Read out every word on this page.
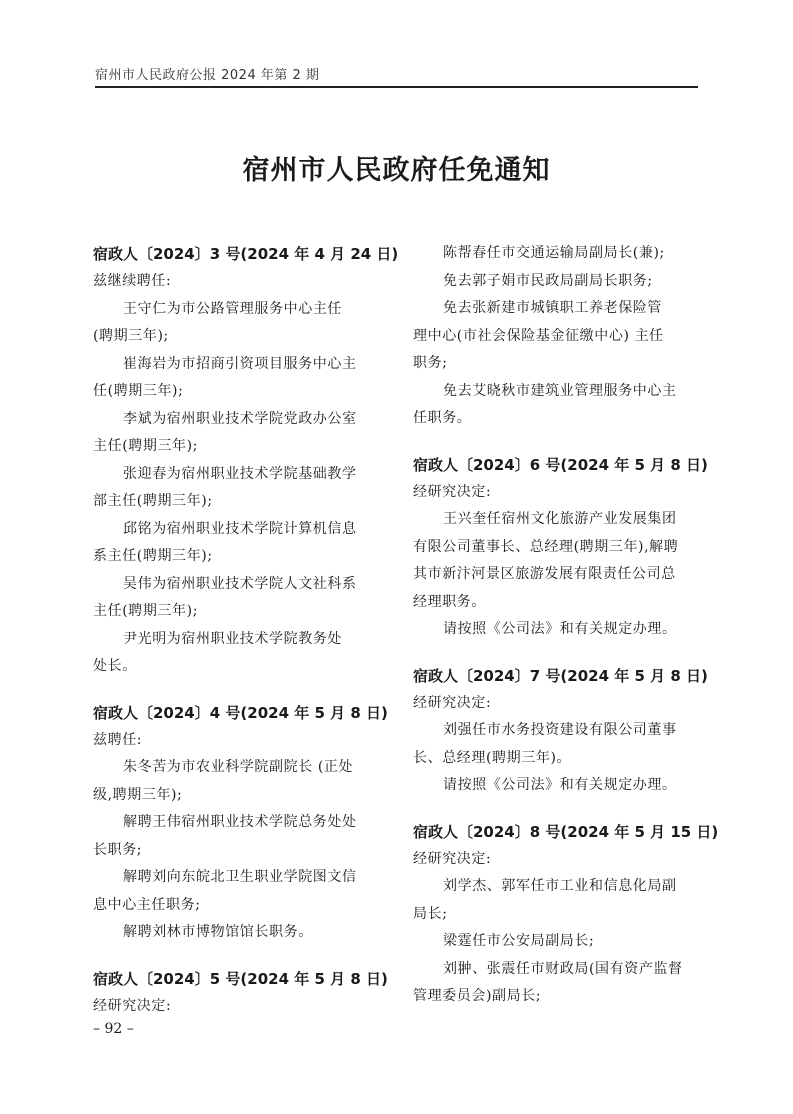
宿州市人民政府公报 2024 年第 2 期
宿州市人民政府任免通知
宿政人〔2024〕3 号(2024 年 4 月 24 日)
兹继续聘任:
王守仁为市公路管理服务中心主任
(聘期三年);
崔海岩为市招商引资项目服务中心主
任(聘期三年);
李斌为宿州职业技术学院党政办公室
主任(聘期三年);
张迎春为宿州职业技术学院基础教学
部主任(聘期三年);
邱铭为宿州职业技术学院计算机信息
系主任(聘期三年);
吴伟为宿州职业技术学院人文社科系
主任(聘期三年);
尹光明为宿州职业技术学院教务处
处长。
宿政人〔2024〕4 号(2024 年 5 月 8 日)
兹聘任:
朱冬苦为市农业科学院副院长 (正处
级,聘期三年);
解聘王伟宿州职业技术学院总务处处
长职务;
解聘刘向东皖北卫生职业学院图文信
息中心主任职务;
解聘刘林市博物馆馆长职务。
宿政人〔2024〕5 号(2024 年 5 月 8 日)
经研究决定:
陈帮春任市交通运输局副局长(兼);
免去郭子娟市民政局副局长职务;
免去张新建市城镇职工养老保险管
理中心(市社会保险基金征缴中心) 主任
职务;
免去艾晓秋市建筑业管理服务中心主
任职务。
宿政人〔2024〕6 号(2024 年 5 月 8 日)
经研究决定:
王兴奎任宿州文化旅游产业发展集团
有限公司董事长、总经理(聘期三年),解聘
其市新汴河景区旅游发展有限责任公司总
经理职务。
请按照《公司法》和有关规定办理。
宿政人〔2024〕7 号(2024 年 5 月 8 日)
经研究决定:
刘强任市水务投资建设有限公司董事
长、总经理(聘期三年)。
请按照《公司法》和有关规定办理。
宿政人〔2024〕8 号(2024 年 5 月 15 日)
经研究决定:
刘学杰、郭军任市工业和信息化局副
局长;
梁霆任市公安局副局长;
刘翀、张震任市财政局(国有资产监督
管理委员会)副局长;
– 92 –
